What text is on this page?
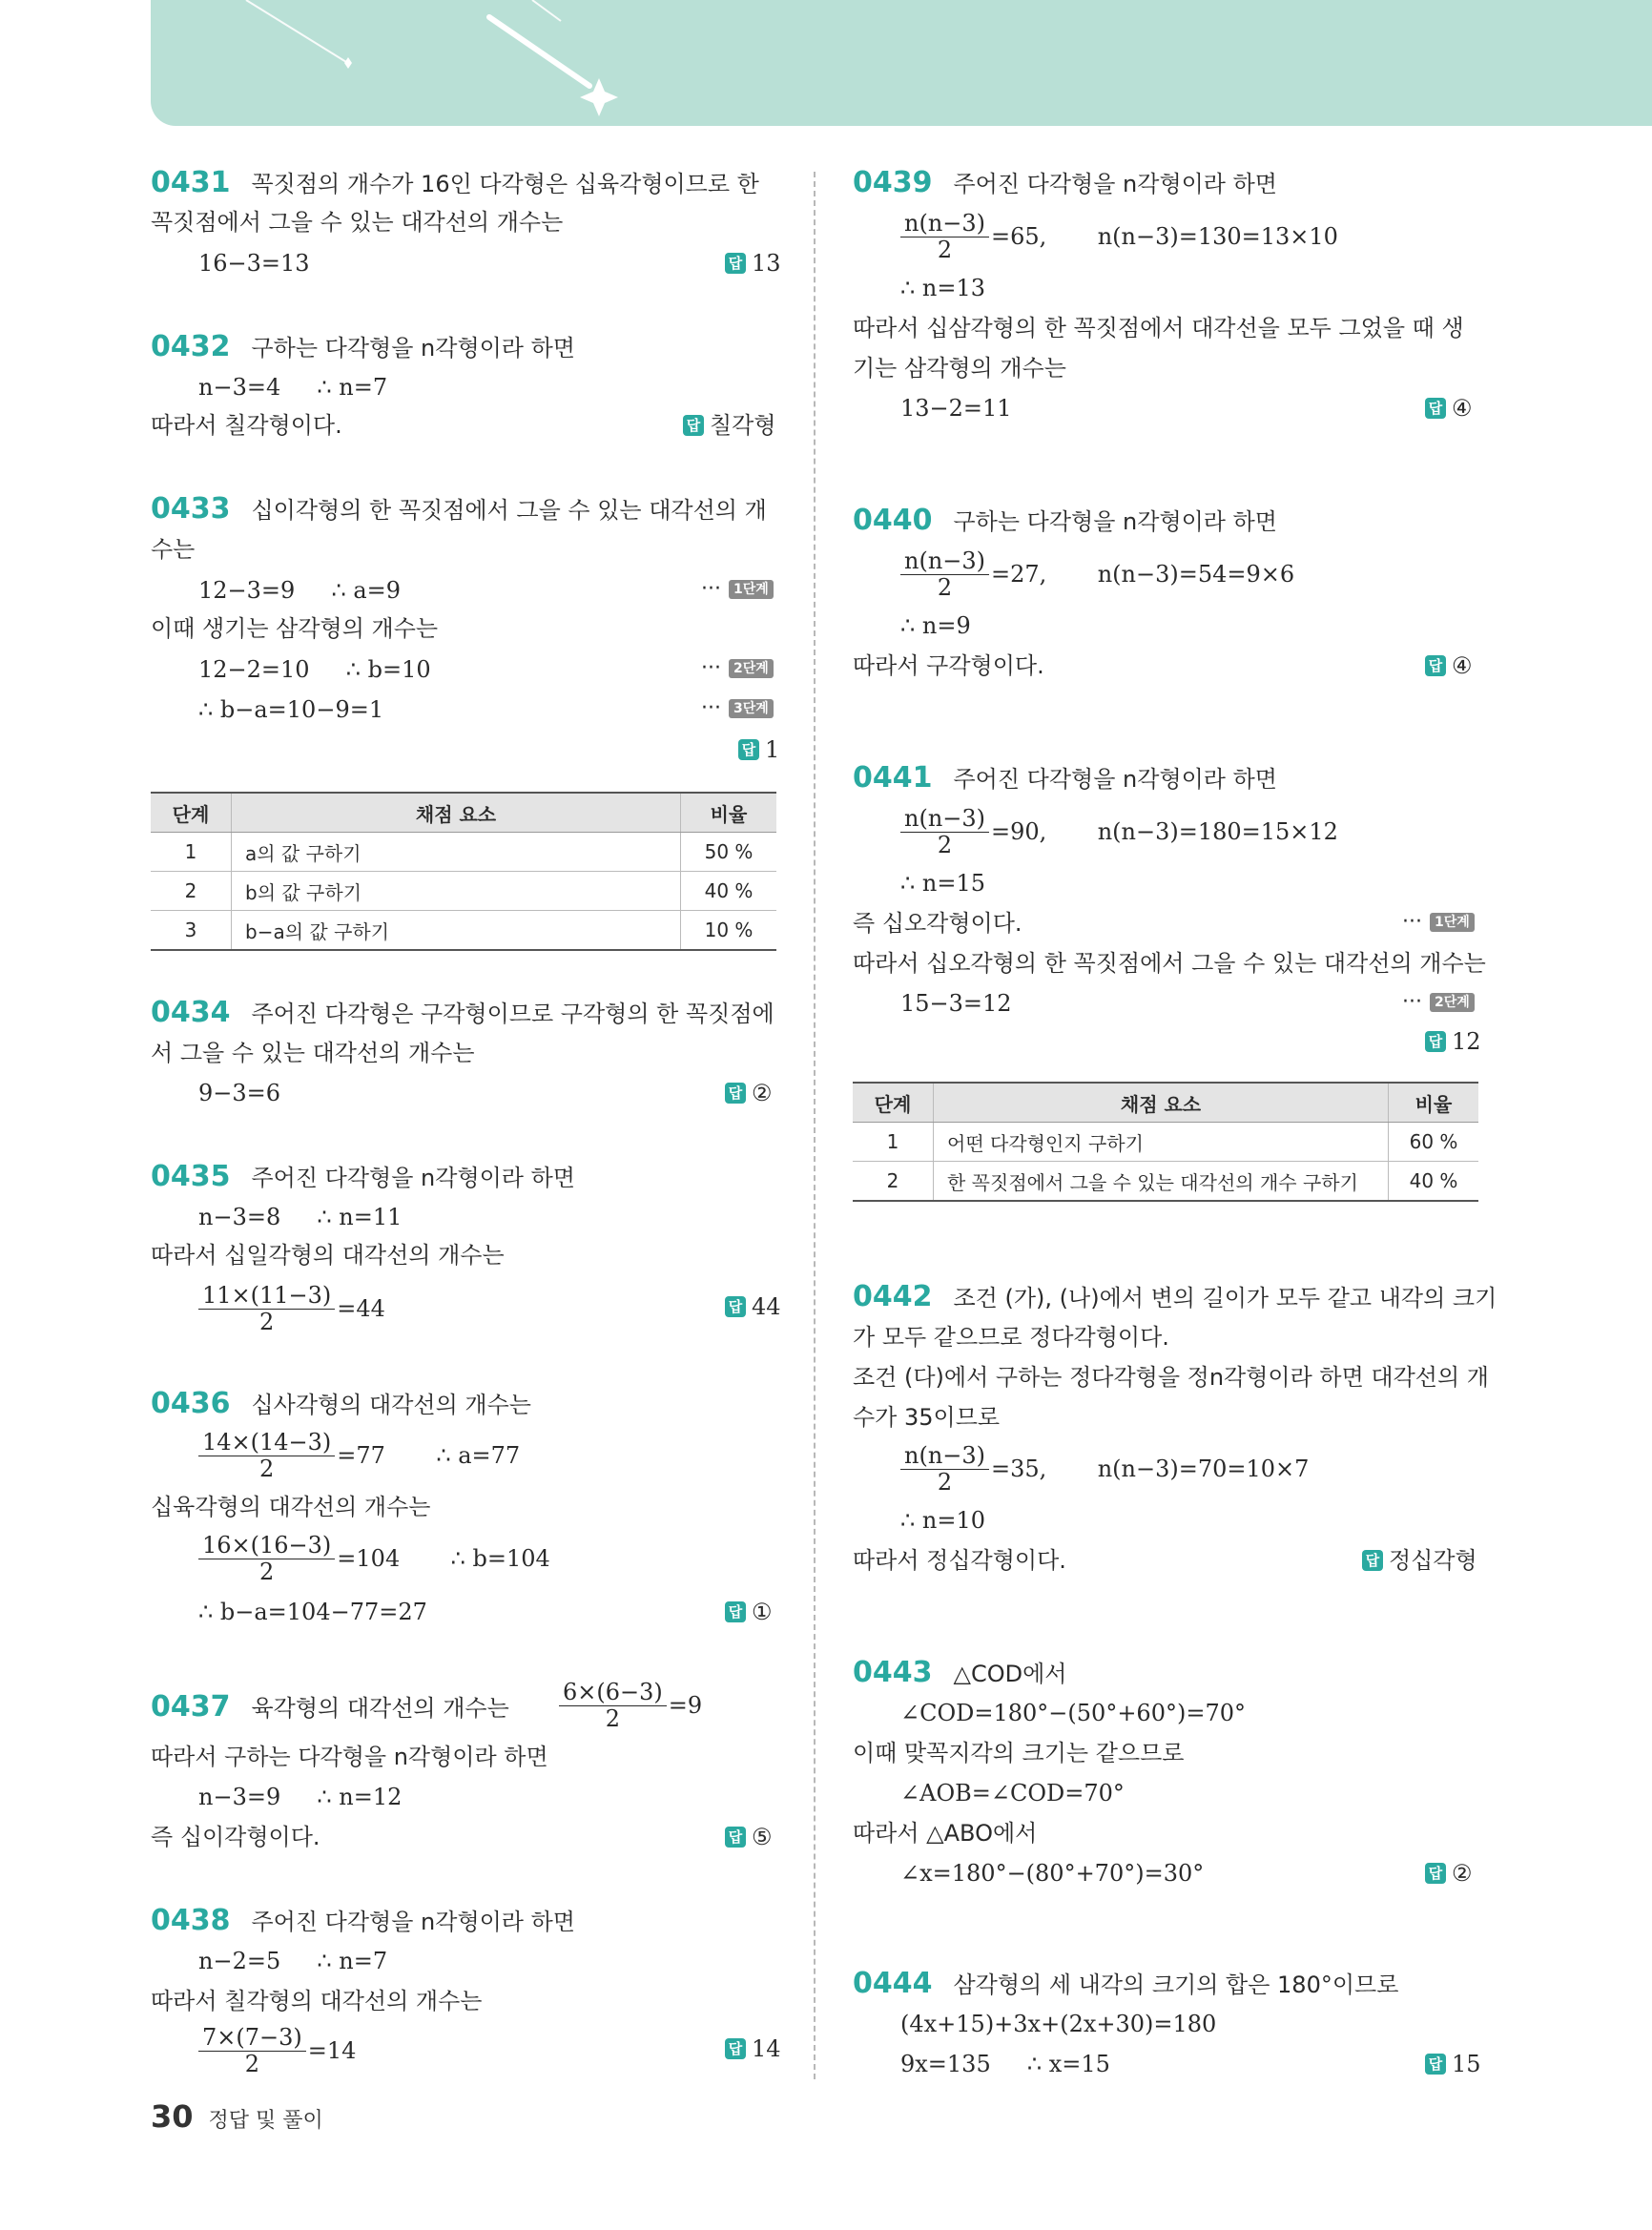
0431 꼭짓점의 개수가 16인 다각형은 십육각형이므로 한
꼭짓점에서 그을 수 있는 대각선의 개수는
16−3=13	답 13
0432 구하는 다각형을 n각형이라 하면
n−3=4     ∴ n=7
따라서 칠각형이다.	답 칠각형
0433 십이각형의 한 꼭짓점에서 그을 수 있는 대각선의 개
수는
12−3=9     ∴ a=9	··· 1단계
이때 생기는 삼각형의 개수는
12−2=10     ∴ b=10	··· 2단계
∴ b−a=10−9=1	··· 3단계
답 1
단계	채점 요소	비율
1	a의 값 구하기	50 %
2	b의 값 구하기	40 %
3	b−a의 값 구하기	10 %
0434 주어진 다각형은 구각형이므로 구각형의 한 꼭짓점에
서 그을 수 있는 대각선의 개수는
9−3=6	답 ②
0435 주어진 다각형을 n각형이라 하면
n−3=8     ∴ n=11
따라서 십일각형의 대각선의 개수는
$\frac{11\times(11-3)}{2} =44$	답 44
0436 십사각형의 대각선의 개수는
$\frac{14\times(14-3)}{2} =77$       ∴ a=77
십육각형의 대각선의 개수는
$\frac{16\times(16-3)}{2} =104$       ∴ b=104
∴ b−a=104−77=27	답 ①
0437 육각형의 대각선의 개수는 $\frac{6\times(6-3)}{2} =9$
따라서 구하는 다각형을 n각형이라 하면
n−3=9     ∴ n=12
즉 십이각형이다.	답 ⑤
0438 주어진 다각형을 n각형이라 하면
n−2=5     ∴ n=7
따라서 칠각형의 대각선의 개수는
$\frac{7\times(7-3)}{2} =14$	답 14
0439 주어진 다각형을 n각형이라 하면
$\frac{n(n-3)}{2} =65$,       n(n−3)=130=13×10
∴ n=13
따라서 십삼각형의 한 꼭짓점에서 대각선을 모두 그었을 때 생
기는 삼각형의 개수는
13−2=11	답 ④
0440 구하는 다각형을 n각형이라 하면
$\frac{n(n-3)}{2} =27$,       n(n−3)=54=9×6
∴ n=9
따라서 구각형이다.	답 ④
0441 주어진 다각형을 n각형이라 하면
$\frac{n(n-3)}{2} =90$,       n(n−3)=180=15×12
∴ n=15
즉 십오각형이다.	··· 1단계
따라서 십오각형의 한 꼭짓점에서 그을 수 있는 대각선의 개수는
15−3=12	··· 2단계
답 12
단계	채점 요소	비율
1	어떤 다각형인지 구하기	60 %
2	한 꼭짓점에서 그을 수 있는 대각선의 개수 구하기	40 %
0442 조건 (가), (나)에서 변의 길이가 모두 같고 내각의 크기
가 모두 같으므로 정다각형이다.
조건 (다)에서 구하는 정다각형을 정n각형이라 하면 대각선의 개
수가 35이므로
$\frac{n(n-3)}{2} =35$,       n(n−3)=70=10×7
∴ n=10
따라서 정십각형이다.	답 정십각형
0443 △COD에서
∠COD=180°−(50°+60°)=70°
이때 맞꼭지각의 크기는 같으므로
∠AOB=∠COD=70°
따라서 △ABO에서
∠x=180°−(80°+70°)=30°	답 ②
0444 삼각형의 세 내각의 크기의 합은 180°이므로
(4x+15)+3x+(2x+30)=180
9x=135     ∴ x=15	답 15
30 정답 및 풀이
